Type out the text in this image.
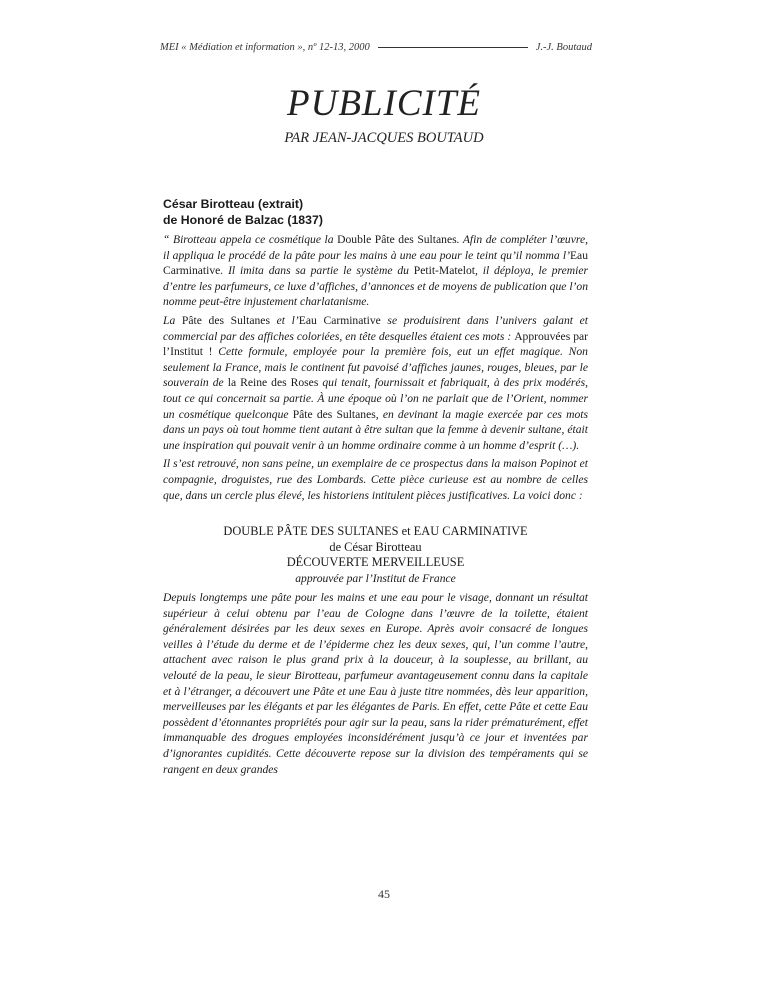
MEI « Médiation et information », nº 12-13, 2000	J.-J. Boutaud
PUBLICITÉ
PAR JEAN-JACQUES BOUTAUD
César Birotteau (extrait)
de Honoré de Balzac (1837)

“ Birotteau appela ce cosmétique la Double Pâte des Sultanes. Afin de compléter l’œuvre, il appliqua le procédé de la pâte pour les mains à une eau pour le teint qu’il nomma l’Eau Carminative. Il imita dans sa partie le système du Petit-Matelot, il déploya, le premier d’entre les parfumeurs, ce luxe d’affiches, d’annonces et de moyens de publication que l’on nomme peut-être injustement charlatanisme.

La Pâte des Sultanes et l’Eau Carminative se produisirent dans l’univers galant et commercial par des affiches coloriées, en tête desquelles étaient ces mots : Approuvées par l’Institut ! Cette formule, employée pour la première fois, eut un effet magique. Non seulement la France, mais le continent fut pavoisé d’affiches jaunes, rouges, bleues, par le souverain de la Reine des Roses qui tenait, fournissait et fabriquait, à des prix modérés, tout ce qui concernait sa partie. À une époque où l’on ne parlait que de l’Orient, nommer un cosmétique quelconque Pâte des Sultanes, en devinant la magie exercée par ces mots dans un pays où tout homme tient autant à être sultan que la femme à devenir sultane, était une inspiration qui pouvait venir à un homme ordinaire comme à un homme d’esprit (…).

Il s’est retrouvé, non sans peine, un exemplaire de ce prospectus dans la maison Popinot et compagnie, droguistes, rue des Lombards. Cette pièce curieuse est au nombre de celles que, dans un cercle plus élevé, les historiens intitulent pièces justificatives. La voici donc :

DOUBLE PÂTE DES SULTANES et EAU CARMINATIVE
de César Birotteau
DÉCOUVERTE MERVEILLEUSE
approuvée par l’Institut de France

Depuis longtemps une pâte pour les mains et une eau pour le visage, donnant un résultat supérieur à celui obtenu par l’eau de Cologne dans l’œuvre de la toilette, étaient généralement désirées par les deux sexes en Europe. Après avoir consacré de longues veilles à l’étude du derme et de l’épiderme chez les deux sexes, qui, l’un comme l’autre, attachent avec raison le plus grand prix à la douceur, à la souplesse, au brillant, au velouté de la peau, le sieur Birotteau, parfumeur avantageusement connu dans la capitale et à l’étranger, a découvert une Pâte et une Eau à juste titre nommées, dès leur apparition, merveilleuses par les élégants et par les élégantes de Paris. En effet, cette Pâte et cette Eau possèdent d’étonnantes propriétés pour agir sur la peau, sans la rider prématurément, effet immanquable des drogues employées inconsidérément jusqu’à ce jour et inventées par d’ignorantes cupidités. Cette découverte repose sur la division des tempéraments qui se rangent en deux grandes

45
